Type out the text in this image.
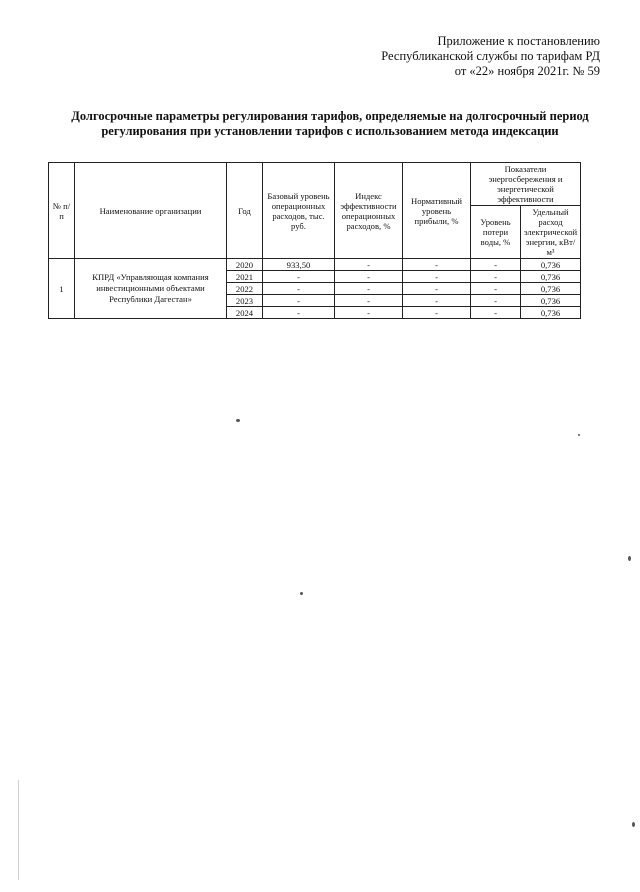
Приложение к постановлению
Республиканской службы по тарифам РД
от «22» ноября 2021г. № 59
Долгосрочные параметры регулирования тарифов, определяемые на долгосрочный период
регулирования при установлении тарифов с использованием метода индексации
№ п/п	Наименование организации	Год	Базовый уровень операционных расходов, тыс. руб.	Индекс эффективности операционных расходов, %	Нормативный уровень прибыли, %	Показатели энергосбережения и энергетической эффективности	
						Уровень потери воды, %	Удельный расход электрической энергии, кВт/м³
1	КПРД «Управляющая компания инвестиционными объектами Республики Дагестан»	2020	933,50	-	-	-	0,736
		2021	-	-	-	-	0,736
		2022	-	-	-	-	0,736
		2023	-	-	-	-	0,736
		2024	-	-	-	-	0,736
